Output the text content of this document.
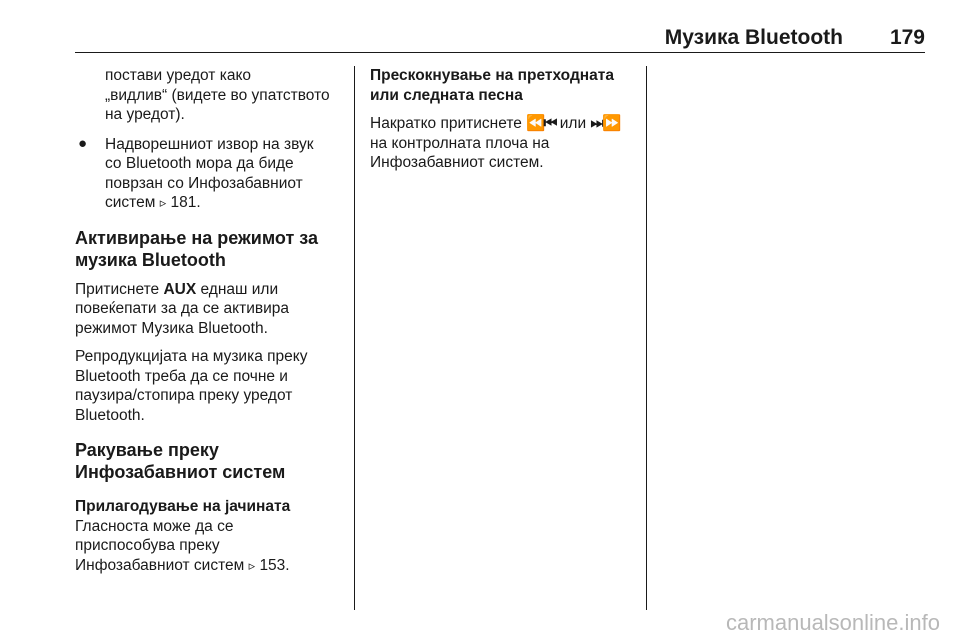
Музика Bluetooth 179

постави уредот како

„видлив“ (видете во упатството

на уредот).

● Надворешниот извор на звук

со Bluetooth мора да биде

поврзан со Инфозабавниот

систем ▹ 181.

Активирање на режимот за
музика Bluetooth

Притиснете AUX еднаш или

повеќепати за да се активира

режимот Музика Bluetooth.

Репродукцијата на музика преку

Bluetooth треба да се почне и

паузира/стопира преку уредот

Bluetooth.

Ракување преку
Инфозабавниот систем
Прилагодување на јачината

Гласноста може да се

приспособува преку

Инфозабавниот систем ▹ 153.

Прескокнување на претходната
или следната песна

Накратко притиснете ⏪⏮ или ⏭⏩

на контролната плоча на

Инфозабавниот систем.

carmanualsonline.info
